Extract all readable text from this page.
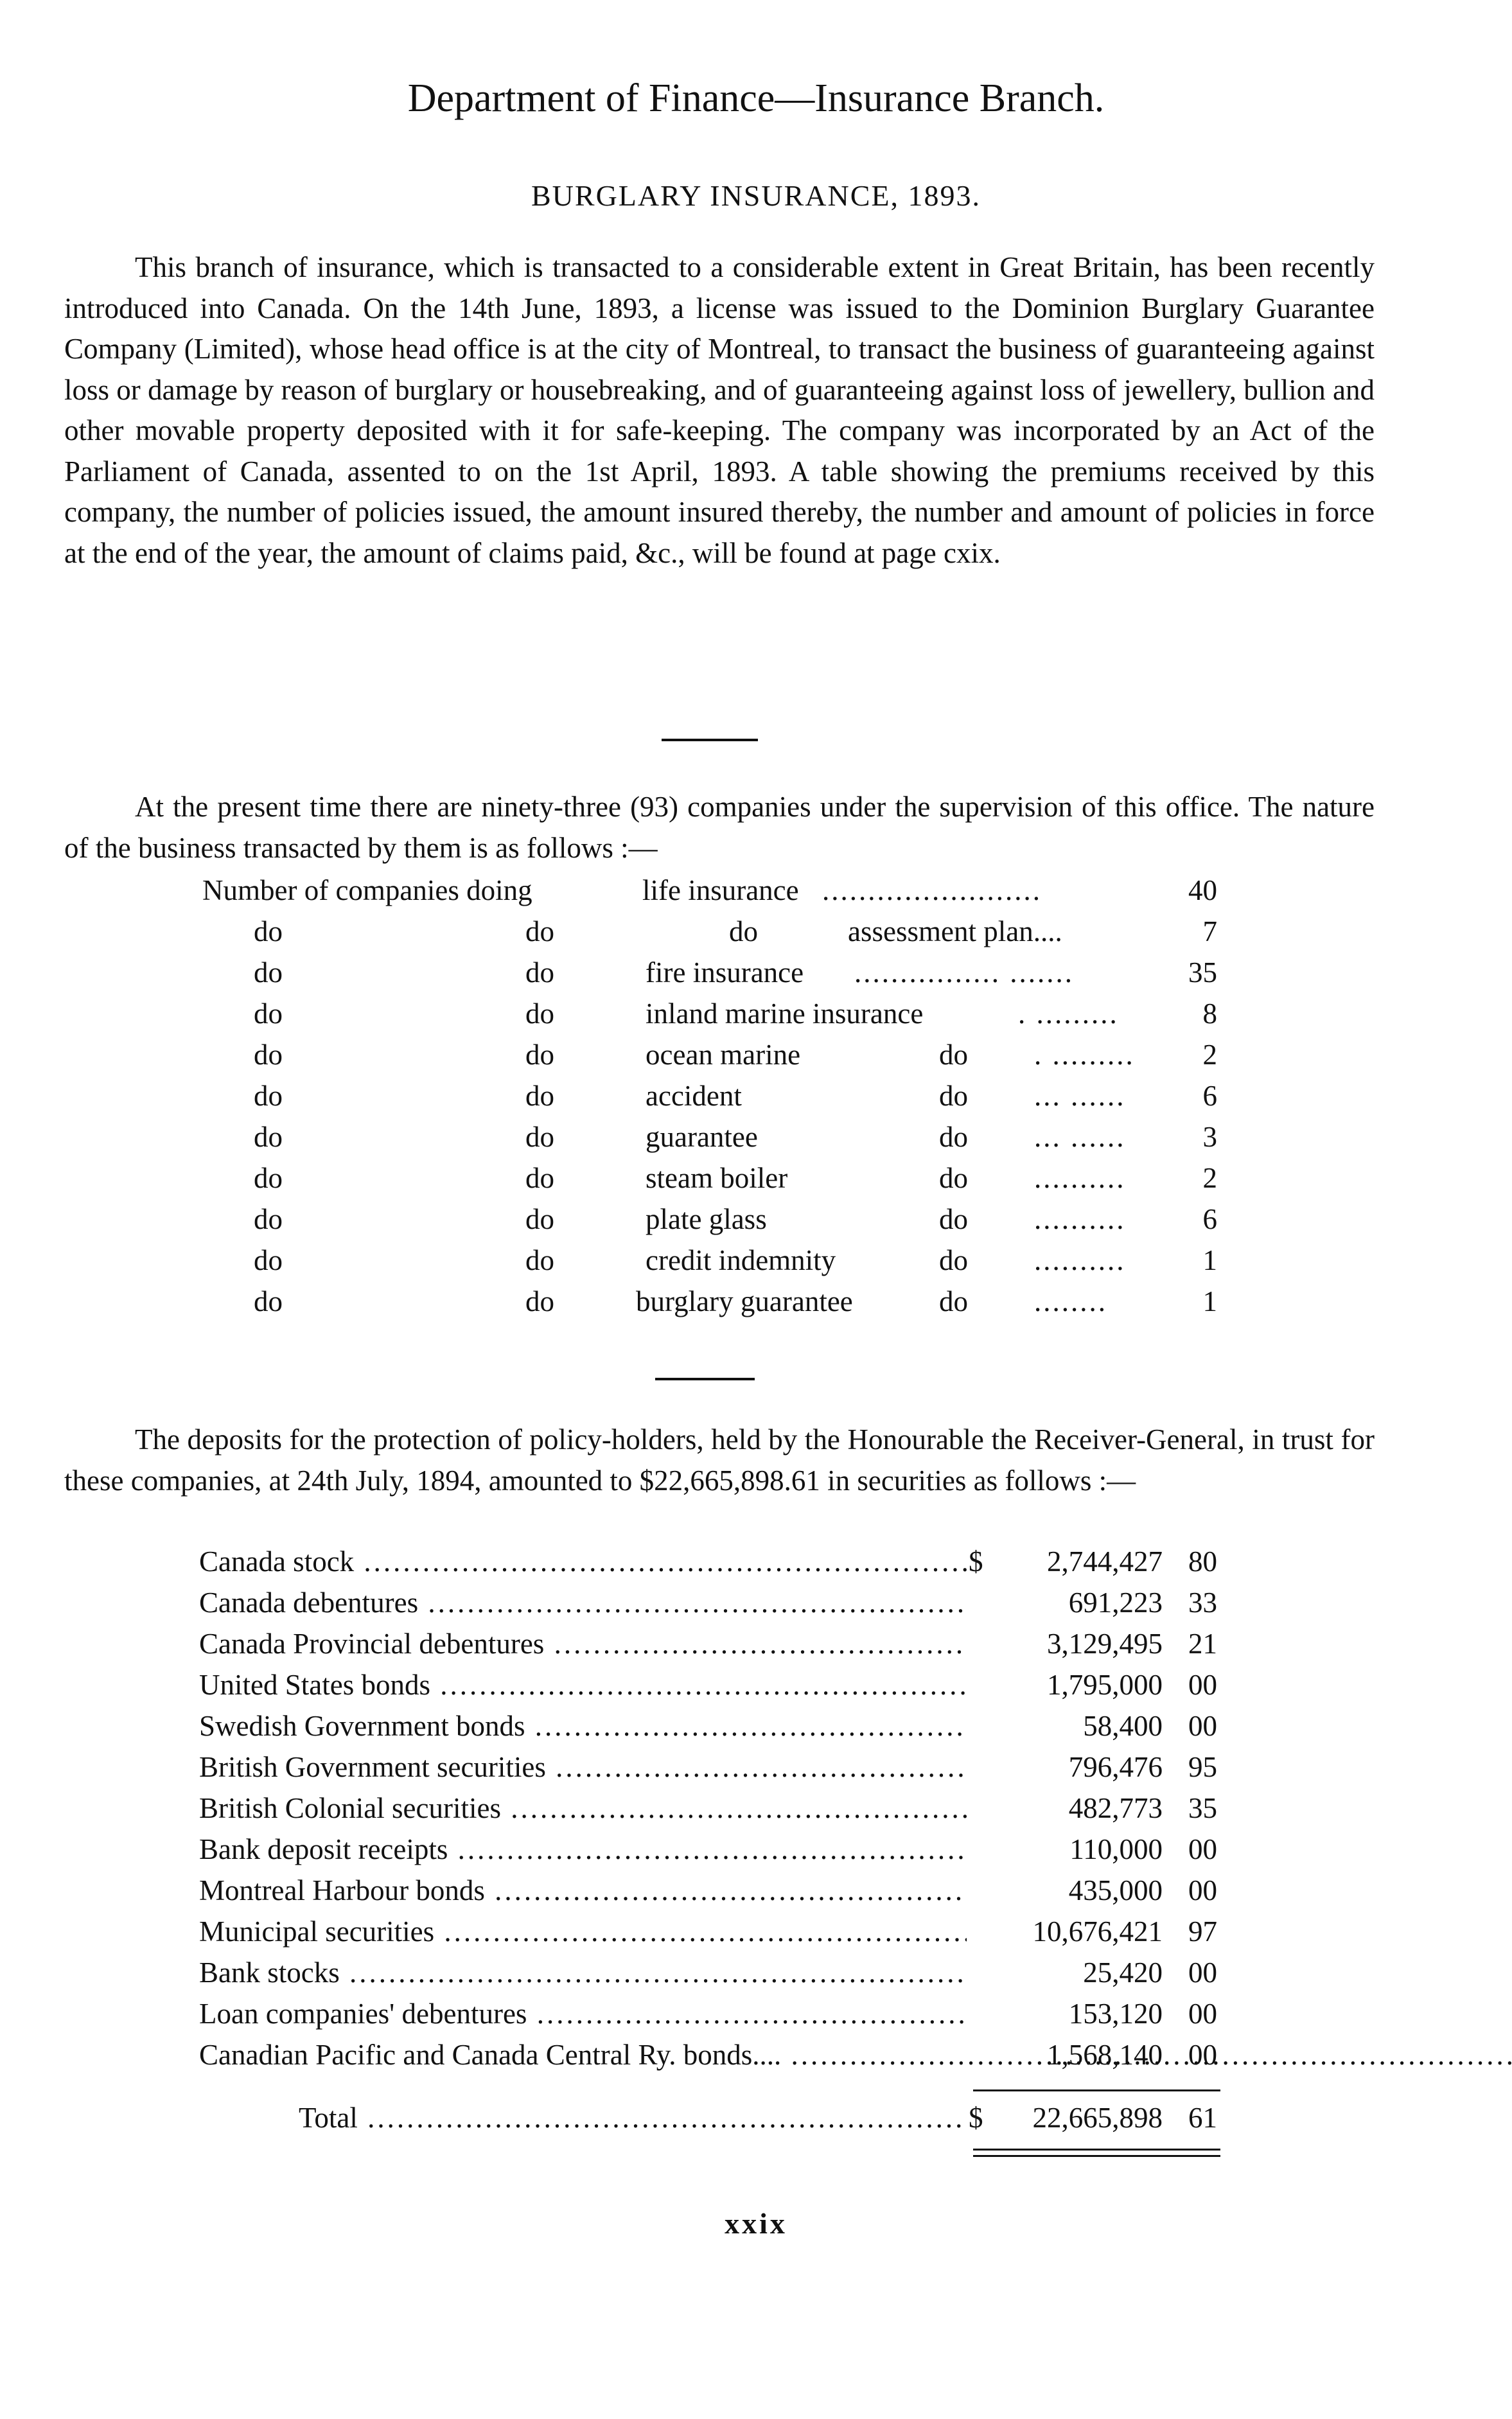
Department of Finance—Insurance Branch.
BURGLARY INSURANCE, 1893.

This branch of insurance, which is transacted to a considerable extent in Great Britain, has been recently introduced into Canada. On the 14th June, 1893, a license was issued to the Dominion Burglary Guarantee Company (Limited), whose head office is at the city of Montreal, to transact the business of guaranteeing against loss or damage by reason of burglary or housebreaking, and of guaranteeing against loss of jewellery, bullion and other movable property deposited with it for safe-keeping. The company was incorporated by an Act of the Parliament of Canada, assented to on the 1st April, 1893. A table showing the premiums received by this company, the number of policies issued, the amount insured thereby, the number and amount of policies in force at the end of the year, the amount of claims paid, &c., will be found at page cxix.

At the present time there are ninety-three (93) companies under the supervision of this office. The nature of the business transacted by them is as follows :—

Number of companies doing	life insurance ........................	40
do	do	do	assessment plan....	7
do	do	fire insurance ................ .......	35
do	do	inland marine insurance	. .........	8
do	do	ocean marine	do . .........	2
do	do	accident	do ... ......	6
do	do	guarantee	do ... ......	3
do	do	steam boiler	do ..........	2
do	do	plate glass	do ..........	6
do	do	credit indemnity	do ..........	1
do	do	burglary guarantee	do ........	1

The deposits for the protection of policy-holders, held by the Honourable the Receiver-General, in trust for these companies, at 24th July, 1894, amounted to $22,665,898.61 in securities as follows :—

Canada stock .....	$	2,744,427 80
Canada debentures .....	691,223 33
Canada Provincial debentures .....	3,129,495 21
United States bonds .....	1,795,000 00
Swedish Government bonds .....	58,400 00
British Government securities .....	796,476 95
British Colonial securities .....	482,773 35
Bank deposit receipts .....	110,000 00
Montreal Harbour bonds .....	435,000 00
Municipal securities .....	10,676,421 97
Bank stocks .....	25,420 00
Loan companies' debentures .....	153,120 00
Canadian Pacific and Canada Central Ry. bonds.... .....	1,568,140 00
Total .....	$	22,665,898 61
xxix
